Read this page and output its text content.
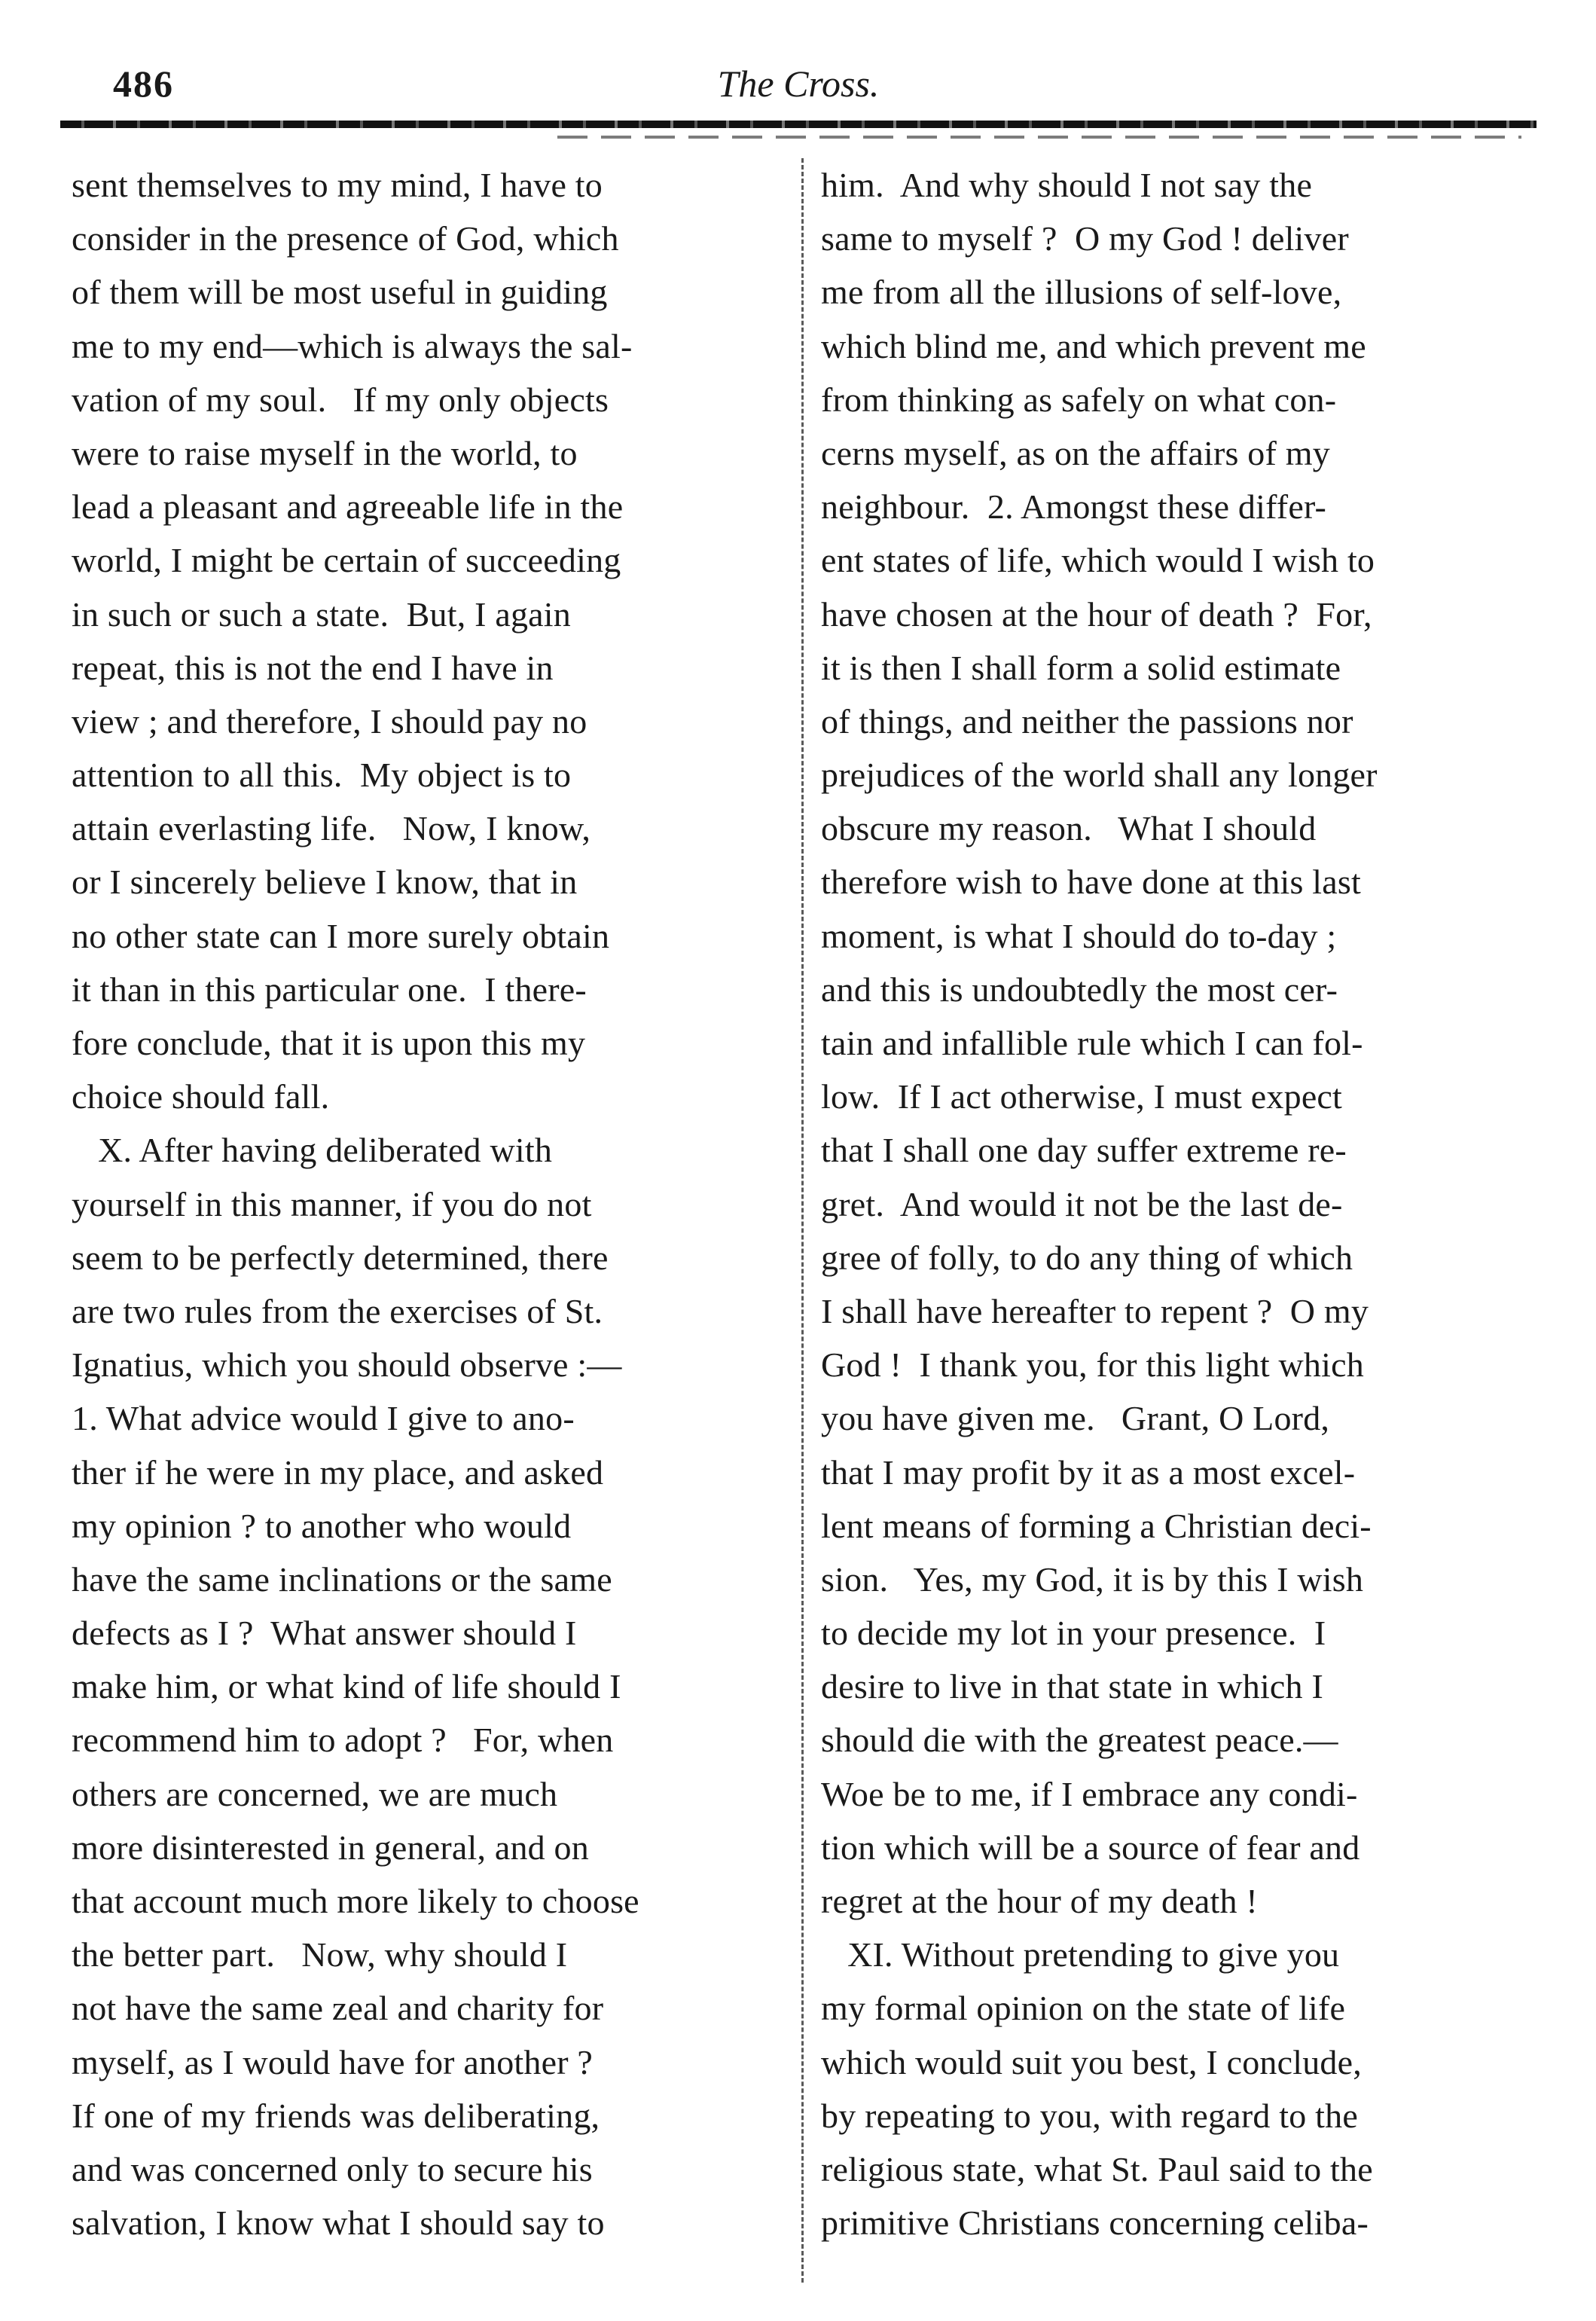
486	The Cross.
sent themselves to my mind, I have to
consider in the presence of God, which
of them will be most useful in guiding
me to my end—which is always the sal-
vation of my soul.   If my only objects
were to raise myself in the world, to
lead a pleasant and agreeable life in the
world, I might be certain of succeeding
in such or such a state.  But, I again
repeat, this is not the end I have in
view ; and therefore, I should pay no
attention to all this.  My object is to
attain everlasting life.   Now, I know,
or I sincerely believe I know, that in
no other state can I more surely obtain
it than in this particular one.  I there-
fore conclude, that it is upon this my
choice should fall.
X. After having deliberated with
yourself in this manner, if you do not
seem to be perfectly determined, there
are two rules from the exercises of St.
Ignatius, which you should observe :—
1. What advice would I give to ano-
ther if he were in my place, and asked
my opinion ? to another who would
have the same inclinations or the same
defects as I ?  What answer should I
make him, or what kind of life should I
recommend him to adopt ?   For, when
others are concerned, we are much
more disinterested in general, and on
that account much more likely to choose
the better part.   Now, why should I
not have the same zeal and charity for
myself, as I would have for another ?
If one of my friends was deliberating,
and was concerned only to secure his
salvation, I know what I should say to
him.  And why should I not say the
same to myself ?  O my God ! deliver
me from all the illusions of self-love,
which blind me, and which prevent me
from thinking as safely on what con-
cerns myself, as on the affairs of my
neighbour.  2. Amongst these differ-
ent states of life, which would I wish to
have chosen at the hour of death ?  For,
it is then I shall form a solid estimate
of things, and neither the passions nor
prejudices of the world shall any longer
obscure my reason.   What I should
therefore wish to have done at this last
moment, is what I should do to-day ;
and this is undoubtedly the most cer-
tain and infallible rule which I can fol-
low.  If I act otherwise, I must expect
that I shall one day suffer extreme re-
gret.  And would it not be the last de-
gree of folly, to do any thing of which
I shall have hereafter to repent ?  O my
God !  I thank you, for this light which
you have given me.   Grant, O Lord,
that I may profit by it as a most excel-
lent means of forming a Christian deci-
sion.   Yes, my God, it is by this I wish
to decide my lot in your presence.  I
desire to live in that state in which I
should die with the greatest peace.—
Woe be to me, if I embrace any condi-
tion which will be a source of fear and
regret at the hour of my death !
XI. Without pretending to give you
my formal opinion on the state of life
which would suit you best, I conclude,
by repeating to you, with regard to the
religious state, what St. Paul said to the
primitive Christians concerning celiba-
